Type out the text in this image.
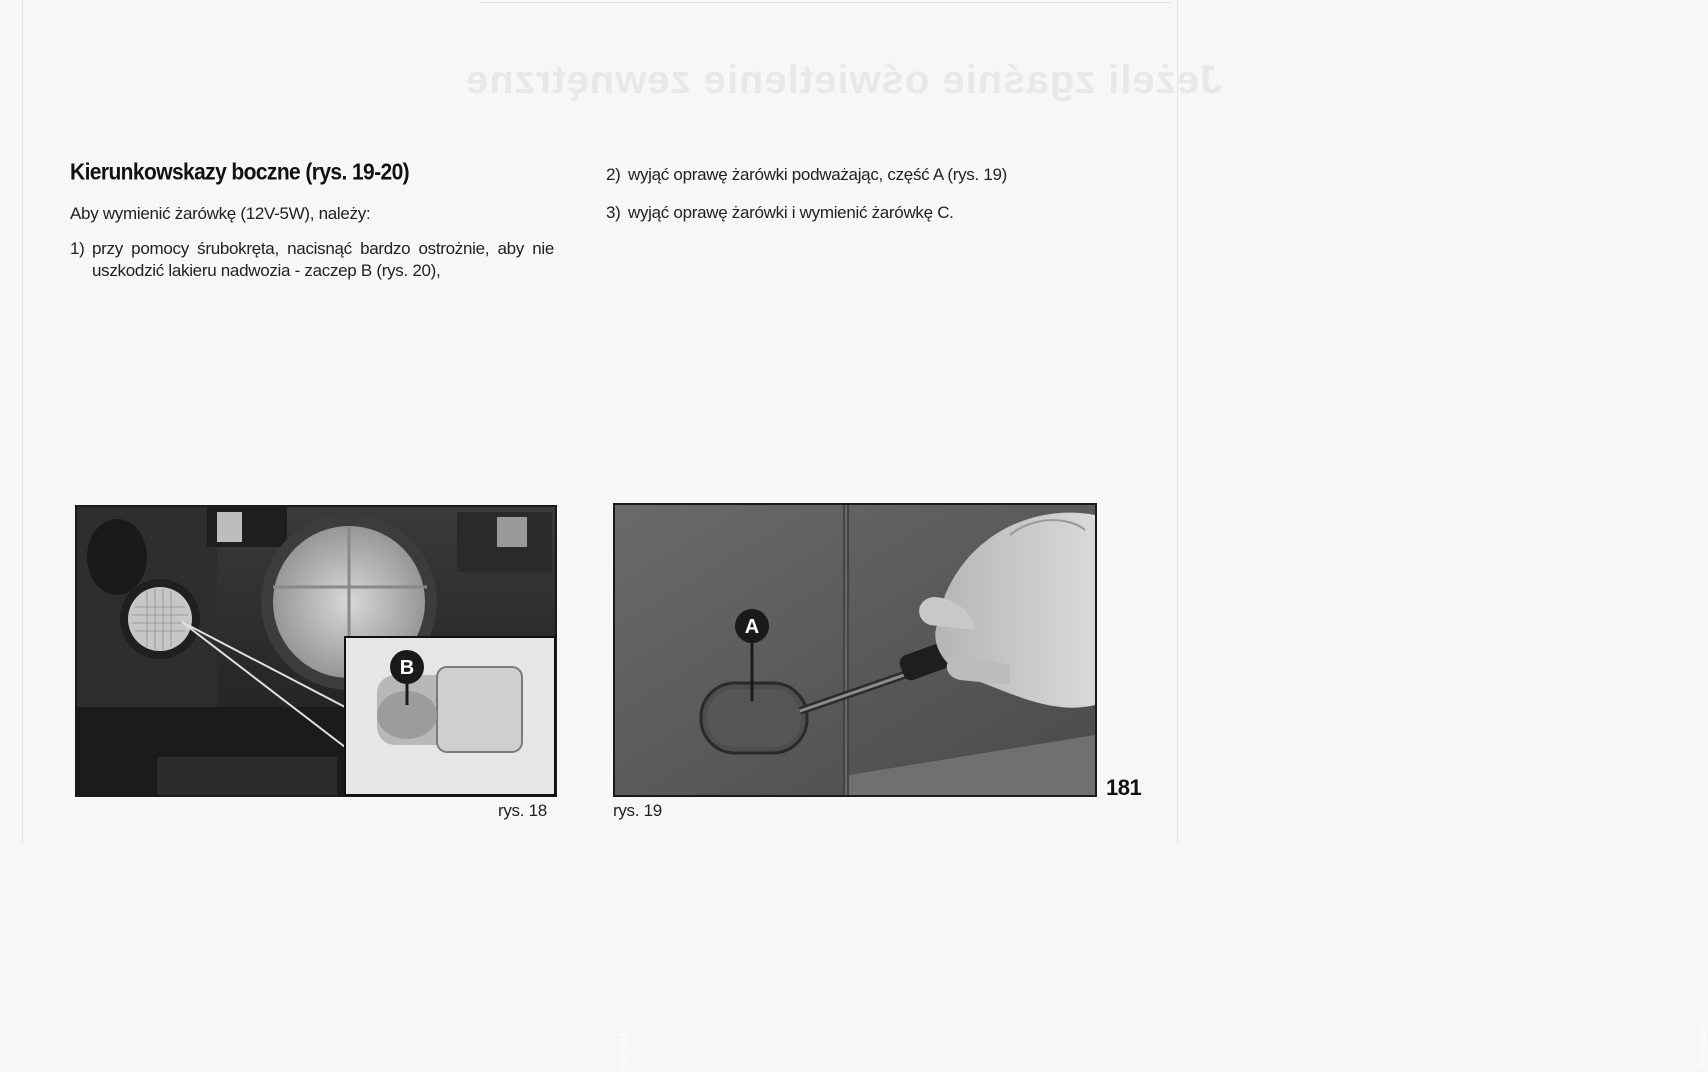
Jeżeli zgaśnie oświetlenie zewnętrzne
Kierunkowskazy boczne (rys. 19-20)

Aby wymienić żarówkę (12V-5W), należy:

1) przy pomocy śrubokręta, nacisnąć bardzo ostrożnie, aby nie uszkodzić lakieru nadwozia - zaczep B (rys. 20),
2) wyjąć oprawę żarówki podważając, część A (rys. 19)
3) wyjąć oprawę żarówki i wymienić żarówkę C.
B
P5P00417
rys. 18
A
P5P00479
rys. 19
181
